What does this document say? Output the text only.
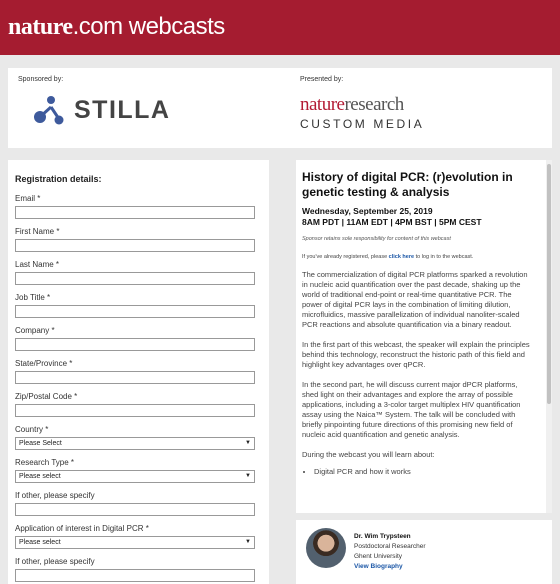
nature.com webcasts
Sponsored by:
STILLA
Presented by:
natureresearch
CUSTOM MEDIA
Registration details:
Email *
First Name *
Last Name *
Job Title *
Company *
State/Province *
Zip/Postal Code *
Country *
Please Select	▼
Research Type *
Please select	▼
If other, please specify
Application of interest in Digital PCR *
Please select	▼
If other, please specify
History of digital PCR: (r)evolution in genetic testing & analysis
Wednesday, September 25, 2019
8AM PDT | 11AM EDT | 4PM BST | 5PM CEST
Sponsor retains sole responsibility for content of this webcast
If you've already registered, please click here to log in to the webcast.

The commercialization of digital PCR platforms sparked a revolution in nucleic acid quantification over the past decade, shaking up the world of traditional end-point or real-time quantitative PCR. The power of digital PCR lays in the combination of limiting dilution, microfluidics, massive parallelization of individual nanoliter-scaled PCR reactions and absolute quantification via a binary readout.

In the first part of this webcast, the speaker will explain the principles behind this technology, reconstruct the historic path of this field and highlight key advantages over qPCR.

In the second part, he will discuss current major dPCR platforms, shed light on their advantages and explore the array of possible applications, including a 3-color target multiplex HIV quantification assay using the Naica™ System. The talk will be concluded with briefly pinpointing future directions of this promising new field of nucleic acid quantification and genetic analysis.

During the webcast you will learn about:

• Digital PCR and how it works
Dr. Wim Trypsteen
Postdoctoral Researcher
Ghent University
View Biography
